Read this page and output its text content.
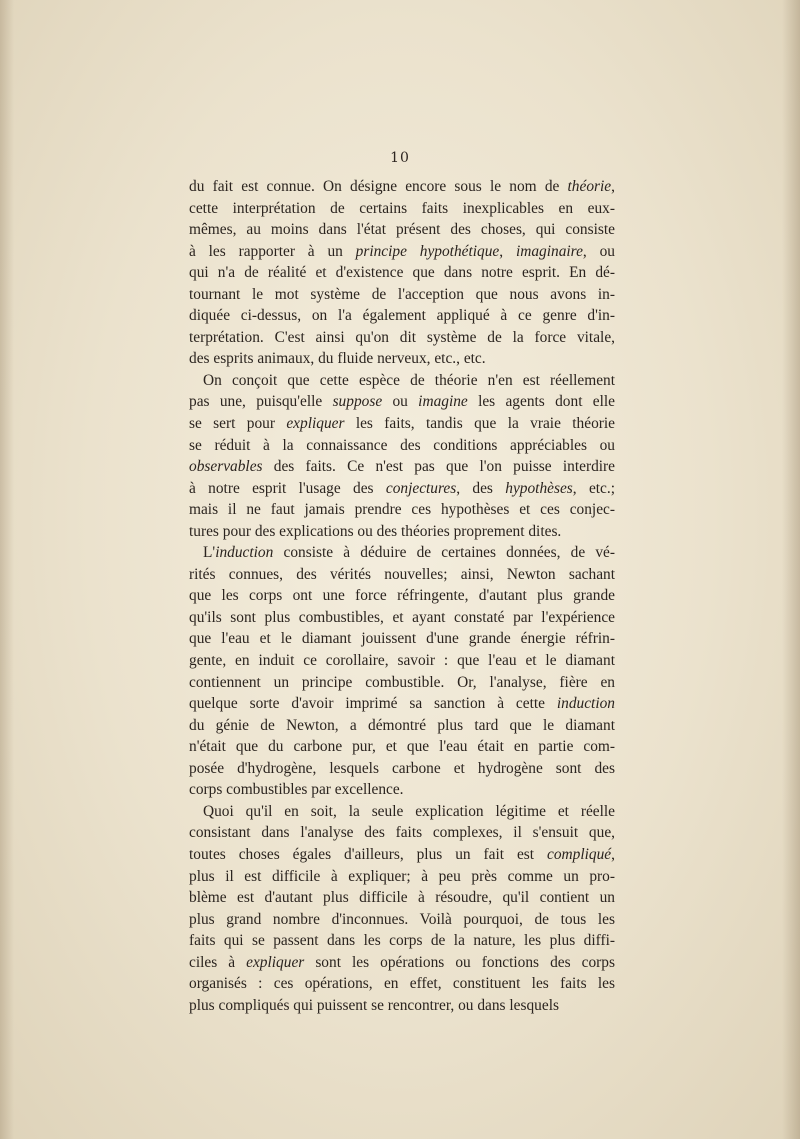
10
du fait est connue. On désigne encore sous le nom de théorie,
cette interprétation de certains faits inexplicables en eux-
mêmes, au moins dans l'état présent des choses, qui consiste
à les rapporter à un principe hypothétique, imaginaire, ou
qui n'a de réalité et d'existence que dans notre esprit. En dé-
tournant le mot système de l'acception que nous avons in-
diquée ci-dessus, on l'a également appliqué à ce genre d'in-
terprétation. C'est ainsi qu'on dit système de la force vitale,
des esprits animaux, du fluide nerveux, etc., etc.
On conçoit que cette espèce de théorie n'en est réellement
pas une, puisqu'elle suppose ou imagine les agents dont elle
se sert pour expliquer les faits, tandis que la vraie théorie
se réduit à la connaissance des conditions appréciables ou
observables des faits. Ce n'est pas que l'on puisse interdire
à notre esprit l'usage des conjectures, des hypothèses, etc.;
mais il ne faut jamais prendre ces hypothèses et ces conjec-
tures pour des explications ou des théories proprement dites.
L'induction consiste à déduire de certaines données, de vé-
rités connues, des vérités nouvelles; ainsi, Newton sachant
que les corps ont une force réfringente, d'autant plus grande
qu'ils sont plus combustibles, et ayant constaté par l'expérience
que l'eau et le diamant jouissent d'une grande énergie réfrin-
gente, en induit ce corollaire, savoir : que l'eau et le diamant
contiennent un principe combustible. Or, l'analyse, fière en
quelque sorte d'avoir imprimé sa sanction à cette induction
du génie de Newton, a démontré plus tard que le diamant
n'était que du carbone pur, et que l'eau était en partie com-
posée d'hydrogène, lesquels carbone et hydrogène sont des
corps combustibles par excellence.
Quoi qu'il en soit, la seule explication légitime et réelle
consistant dans l'analyse des faits complexes, il s'ensuit que,
toutes choses égales d'ailleurs, plus un fait est compliqué,
plus il est difficile à expliquer; à peu près comme un pro-
blème est d'autant plus difficile à résoudre, qu'il contient un
plus grand nombre d'inconnues. Voilà pourquoi, de tous les
faits qui se passent dans les corps de la nature, les plus diffi-
ciles à expliquer sont les opérations ou fonctions des corps
organisés : ces opérations, en effet, constituent les faits les
plus compliqués qui puissent se rencontrer, ou dans lesquels
